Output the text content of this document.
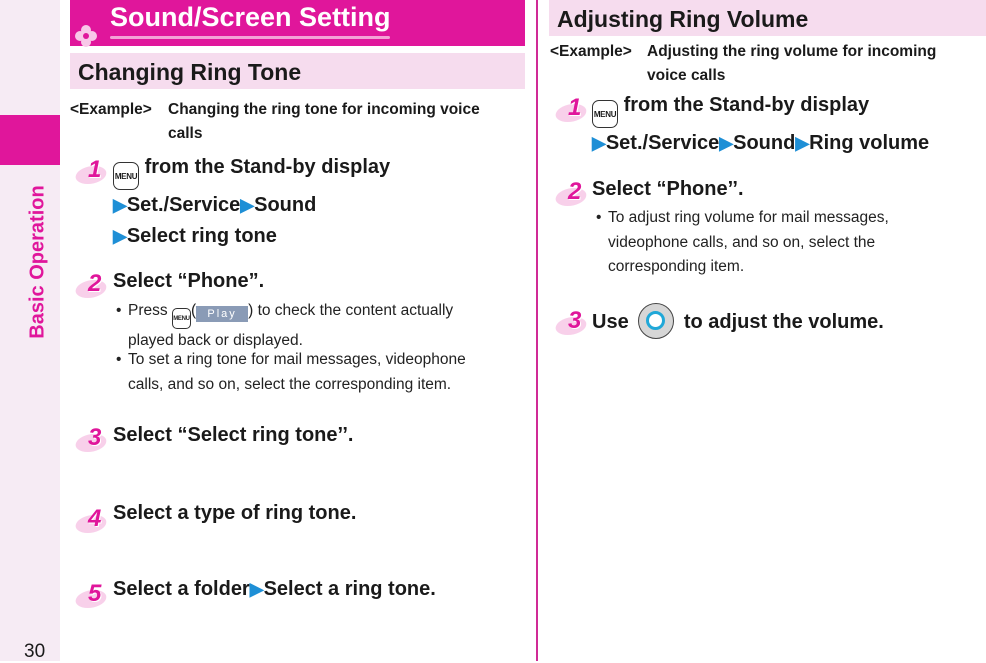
Basic Operation
30
Sound/Screen Setting
Changing Ring Tone
<Example> Changing the ring tone for incoming voice
calls
1 MENU from the Stand-by display
▶Set./Service▶Sound
▶Select ring tone
2 Select “Phone”.
• Press MENU( Play ) to check the content actually
played back or displayed.
• To set a ring tone for mail messages, videophone
calls, and so on, select the corresponding item.
3 Select “Select ring tone’’.
4 Select a type of ring tone.
5 Select a folder▶Select a ring tone.
Adjusting Ring Volume
<Example> Adjusting the ring volume for incoming
voice calls
1 MENU from the Stand-by display
▶Set./Service▶Sound▶Ring volume
2 Select “Phone’’.
• To adjust ring volume for mail messages,
videophone calls, and so on, select the
corresponding item.
3 Use	to adjust the volume.
